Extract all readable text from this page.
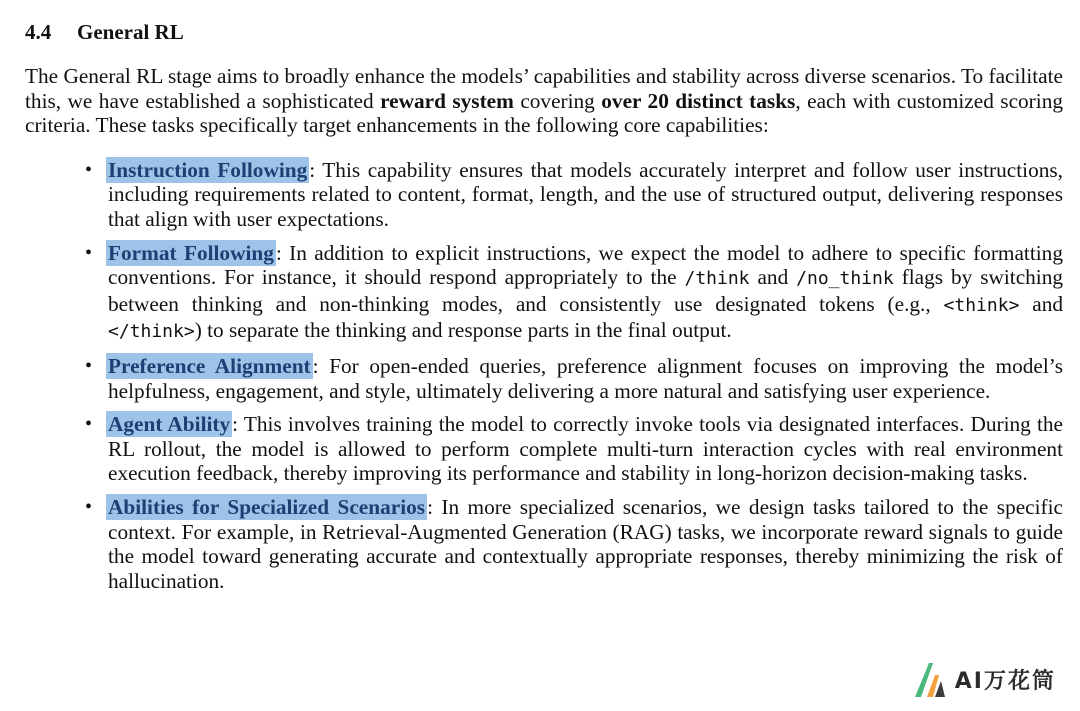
4.4 General RL

The General RL stage aims to broadly enhance the models’ capabilities and stability across diverse scenarios. To facilitate this, we have established a sophisticated reward system covering over 20 distinct tasks, each with customized scoring criteria. These tasks specifically target enhancements in the following core capabilities:

• Instruction Following: This capability ensures that models accurately interpret and follow user instructions, including requirements related to content, format, length, and the use of structured output, delivering responses that align with user expectations.
• Format Following: In addition to explicit instructions, we expect the model to adhere to specific formatting conventions. For instance, it should respond appropriately to the /think and /no_think flags by switching between thinking and non-thinking modes, and consistently use designated tokens (e.g., <think> and </think>) to separate the thinking and response parts in the final output.
• Preference Alignment: For open-ended queries, preference alignment focuses on improving the model’s helpfulness, engagement, and style, ultimately delivering a more natural and satisfying user experience.
• Agent Ability: This involves training the model to correctly invoke tools via designated interfaces. During the RL rollout, the model is allowed to perform complete multi-turn interaction cycles with real environment execution feedback, thereby improving its performance and stability in long-horizon decision-making tasks.
• Abilities for Specialized Scenarios: In more specialized scenarios, we design tasks tailored to the specific context. For example, in Retrieval-Augmented Generation (RAG) tasks, we incorporate reward signals to guide the model toward generating accurate and contextually appropriate responses, thereby minimizing the risk of hallucination.
AI万花筒
